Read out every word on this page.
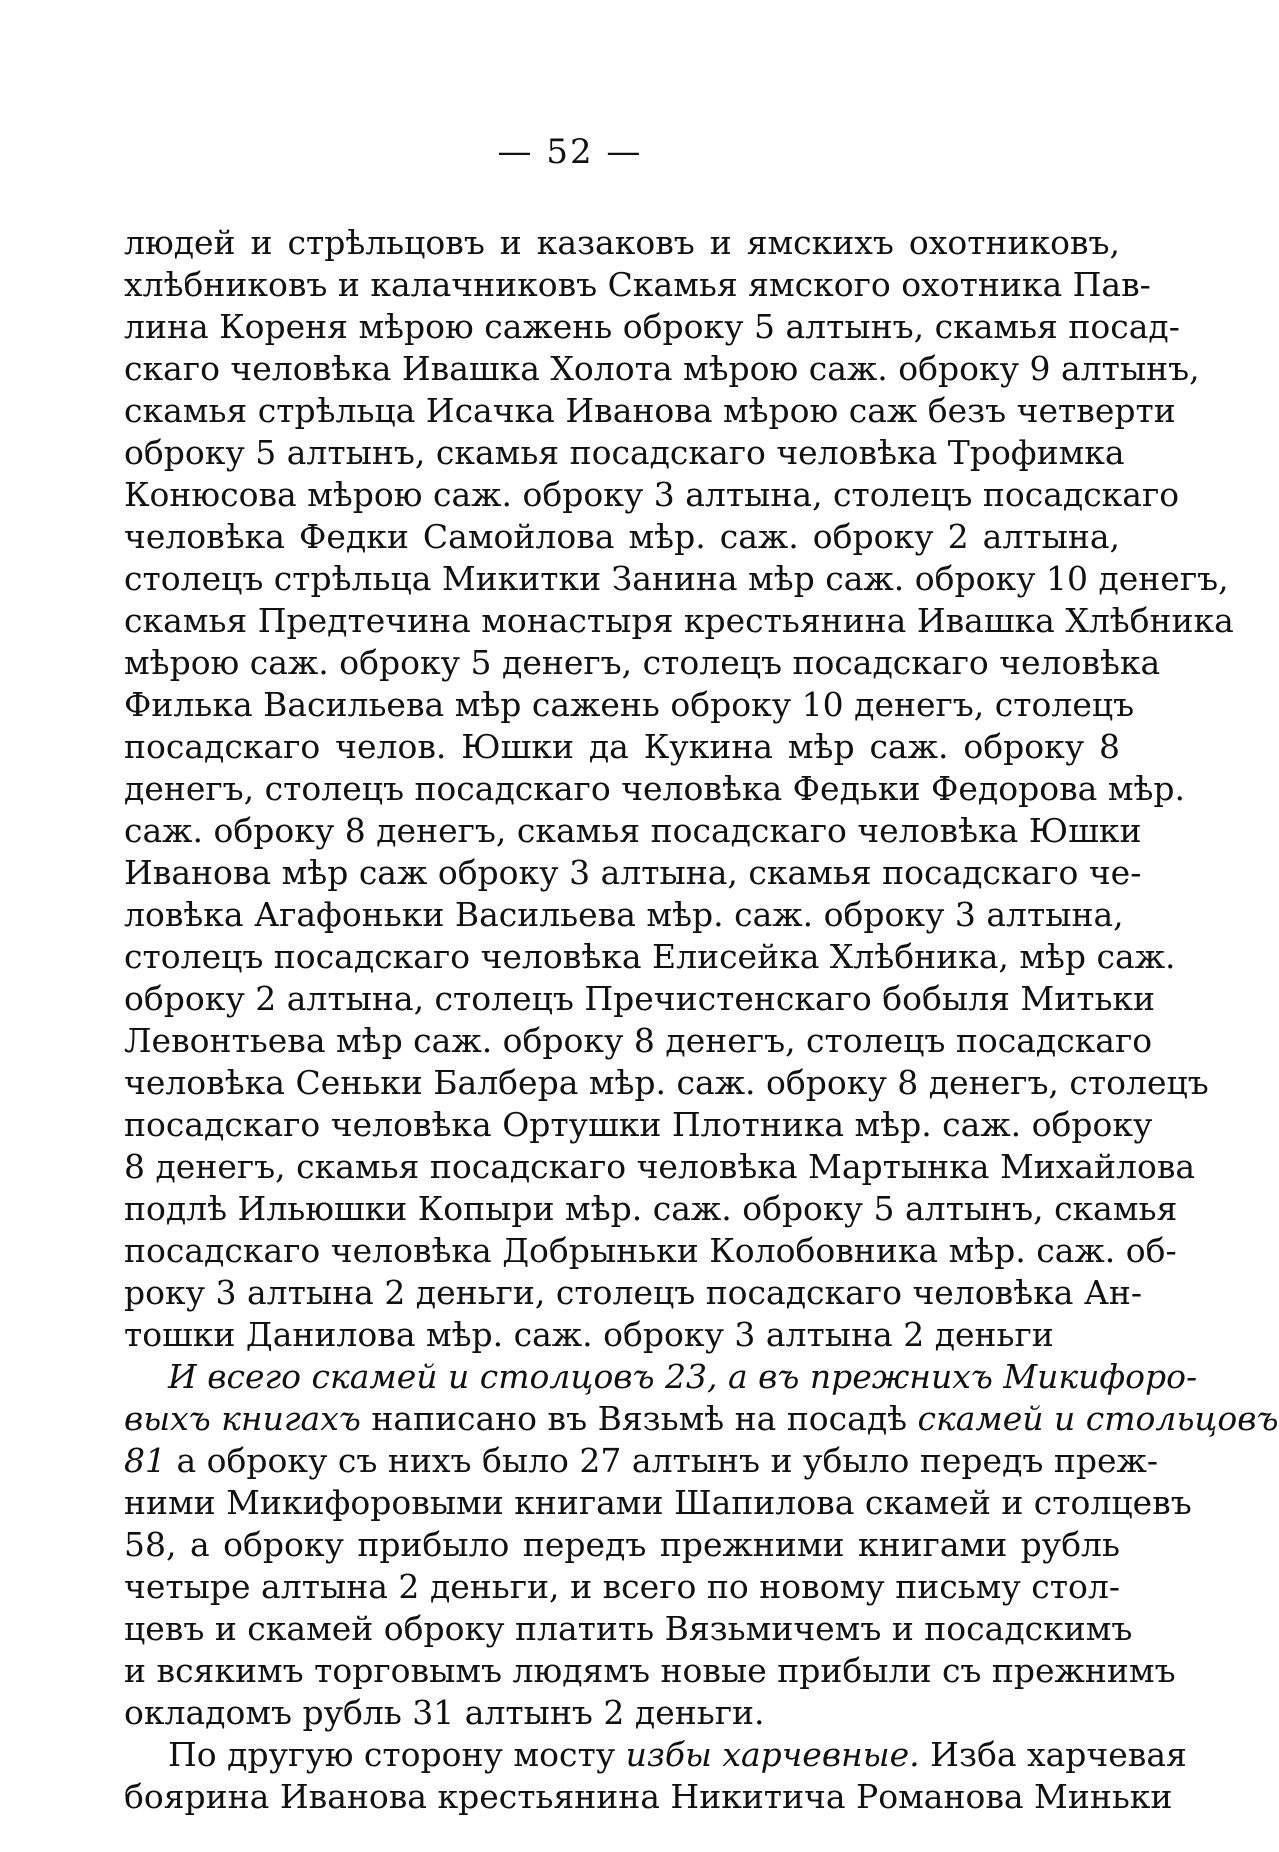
— 52 —
людей и стрѣльцовъ и казаковъ и ямскихъ охотниковъ,
хлѣбниковъ и калачниковъ Скамья ямского охотника Пав-
лина Кореня мѣрою сажень оброку 5 алтынъ, скамья посад-
скаго человѣка Ивашка Холота мѣрою саж. оброку 9 алтынъ,
скамья стрѣльца Исачка Иванова мѣрою саж безъ четверти
оброку 5 алтынъ, скамья посадскаго человѣка Трофимка
Конюсова мѣрою саж. оброку 3 алтына, столецъ посадскаго
человѣка Федки Самойлова мѣр. саж. оброку 2 алтына,
столецъ стрѣльца Микитки Занина мѣр саж. оброку 10 денегъ,
скамья Предтечина монастыря крестьянина Ивашка Хлѣбника
мѣрою саж. оброку 5 денегъ, столецъ посадскаго человѣка
Филька Васильева мѣр сажень оброку 10 денегъ, столецъ
посадскаго челов. Юшки да Кукина мѣр саж. оброку 8
денегъ, столецъ посадскаго человѣка Федьки Федорова мѣр.
саж. оброку 8 денегъ, скамья посадскаго человѣка Юшки
Иванова мѣр саж оброку 3 алтына, скамья посадскаго че-
ловѣка Агафоньки Васильева мѣр. саж. оброку 3 алтына,
столецъ посадскаго человѣка Елисейка Хлѣбника, мѣр саж.
оброку 2 алтына, столецъ Пречистенскаго бобыля Митьки
Левонтьева мѣр саж. оброку 8 денегъ, столецъ посадскаго
человѣка Сеньки Балбера мѣр. саж. оброку 8 денегъ, столецъ
посадскаго человѣка Ортушки Плотника мѣр. саж. оброку
8 денегъ, скамья посадскаго человѣка Мартынка Михайлова
подлѣ Ильюшки Копыри мѣр. саж. оброку 5 алтынъ, скамья
посадскаго человѣка Добрыньки Колобовника мѣр. саж. об-
року 3 алтына 2 деньги, столецъ посадскаго человѣка Ан-
тошки Данилова мѣр. саж. оброку 3 алтына 2 деньги
И всего скамей и столцовъ 23, а въ прежнихъ Микифоро-
выхъ книгахъ написано въ Вязьмѣ на посадѣ скамей и стольцовъ
81 а оброку съ нихъ было 27 алтынъ и убыло передъ преж-
ними Микифоровыми книгами Шапилова скамей и столцевъ
58, а оброку прибыло передъ прежними книгами рубль
четыре алтына 2 деньги, и всего по новому письму стол-
цевъ и скамей оброку платить Вязьмичемъ и посадскимъ
и всякимъ торговымъ людямъ новые прибыли съ прежнимъ
окладомъ рубль 31 алтынъ 2 деньги.
По другую сторону мосту избы харчевные. Изба харчевая
боярина Иванова крестьянина Никитича Романова Миньки
